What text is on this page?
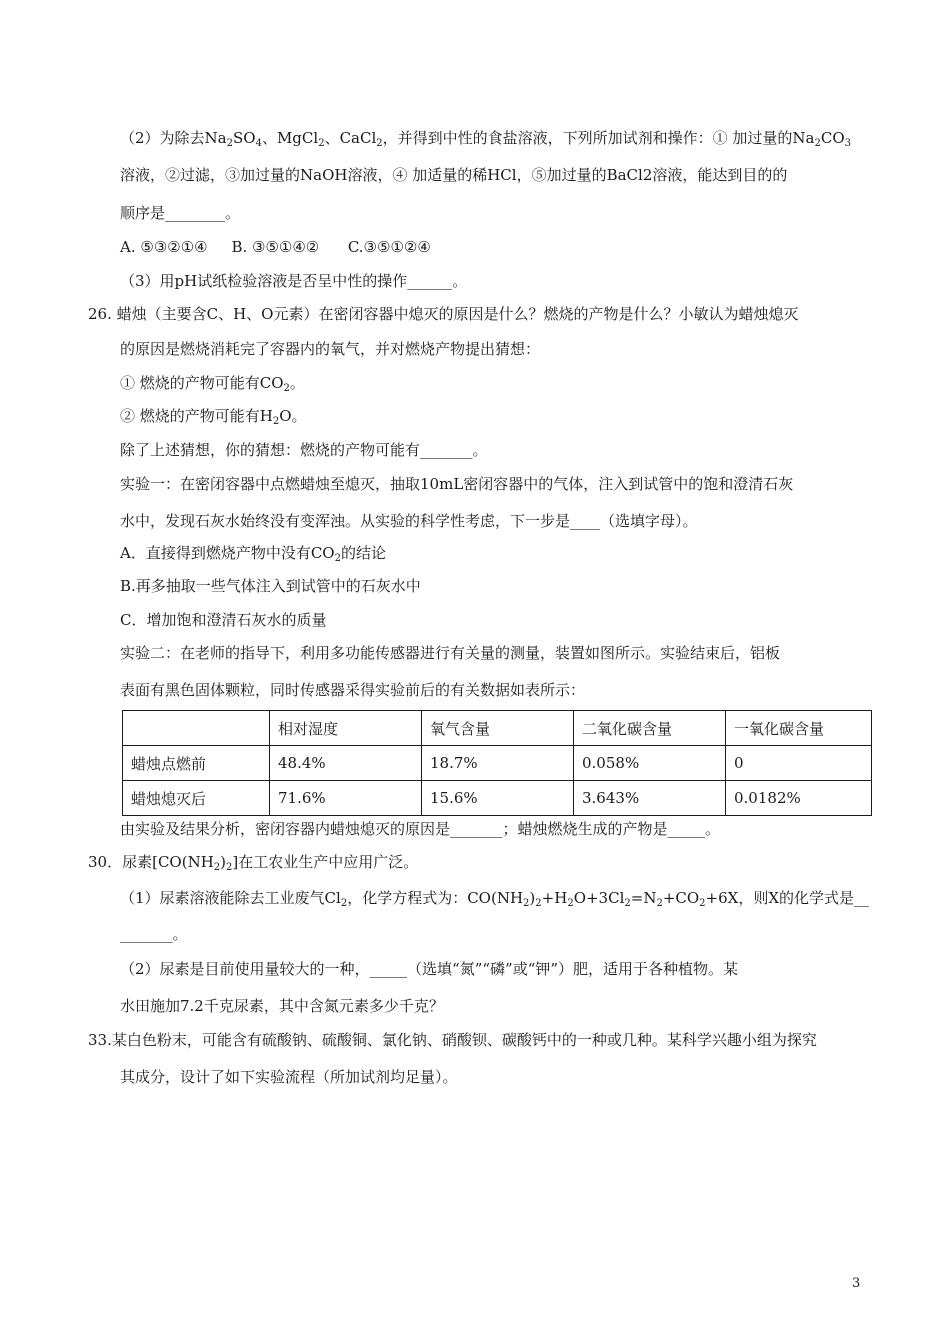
（2）为除去$Na_2SO_4$、MgCl$_2$、CaCl$_2$，并得到中性的食盐溶液，下列所加试剂和操作：① 加过量的$Na_2CO_3$
溶液，②过滤，③加过量的NaOH溶液，④ 加适量的稀HCl，⑤加过量的BaCl2溶液，能达到目的的
顺序是________。
A. ⑤③②①④     B. ③⑤①④②      C.③⑤①②④
（3）用pH试纸检验溶液是否呈中性的操作______。
26. 蜡烛（主要含C、H、O元素）在密闭容器中熄灭的原因是什么？燃烧的产物是什么？小敏认为蜡烛熄灭
的原因是燃烧消耗完了容器内的氧气，并对燃烧产物提出猜想：
① 燃烧的产物可能有$CO_2$。
② 燃烧的产物可能有$H_2O$。
除了上述猜想，你的猜想：燃烧的产物可能有_______。
实验一：在密闭容器中点燃蜡烛至熄灭，抽取10mL密闭容器中的气体，注入到试管中的饱和澄清石灰
水中，发现石灰水始终没有变浑浊。从实验的科学性考虑，下一步是____（选填字母）。
A．直接得到燃烧产物中没有$CO_2$的结论
B.再多抽取一些气体注入到试管中的石灰水中
C．增加饱和澄清石灰水的质量
实验二：在老师的指导下，利用多功能传感器进行有关量的测量，装置如图所示。实验结束后，铝板
表面有黑色固体颗粒，同时传感器采得实验前后的有关数据如表所示：
	相对湿度	氧气含量	二氧化碳含量	一氧化碳含量
蜡烛点燃前	48.4%	18.7%	0.058%	0
蜡烛熄灭后	71.6%	15.6%	3.643%	0.0182%
由实验及结果分析，密闭容器内蜡烛熄灭的原因是_______；蜡烛燃烧生成的产物是_____。
30．尿素$[CO(NH_2)_2]$在工农业生产中应用广泛。
（1）尿素溶液能除去工业废气$Cl_2$，化学方程式为：$CO(NH_2)_2+H_2O+3Cl_2=N_2+CO_2+6X$，则X的化学式是__
_______。
（2）尿素是目前使用量较大的一种，_____（选填“氮”“磷”或“钾”）肥，适用于各种植物。某
水田施加7.2千克尿素，其中含氮元素多少千克？
33.某白色粉末，可能含有硫酸钠、硫酸铜、氯化钠、硝酸钡、碳酸钙中的一种或几种。某科学兴趣小组为探究
其成分，设计了如下实验流程（所加试剂均足量）。
3
